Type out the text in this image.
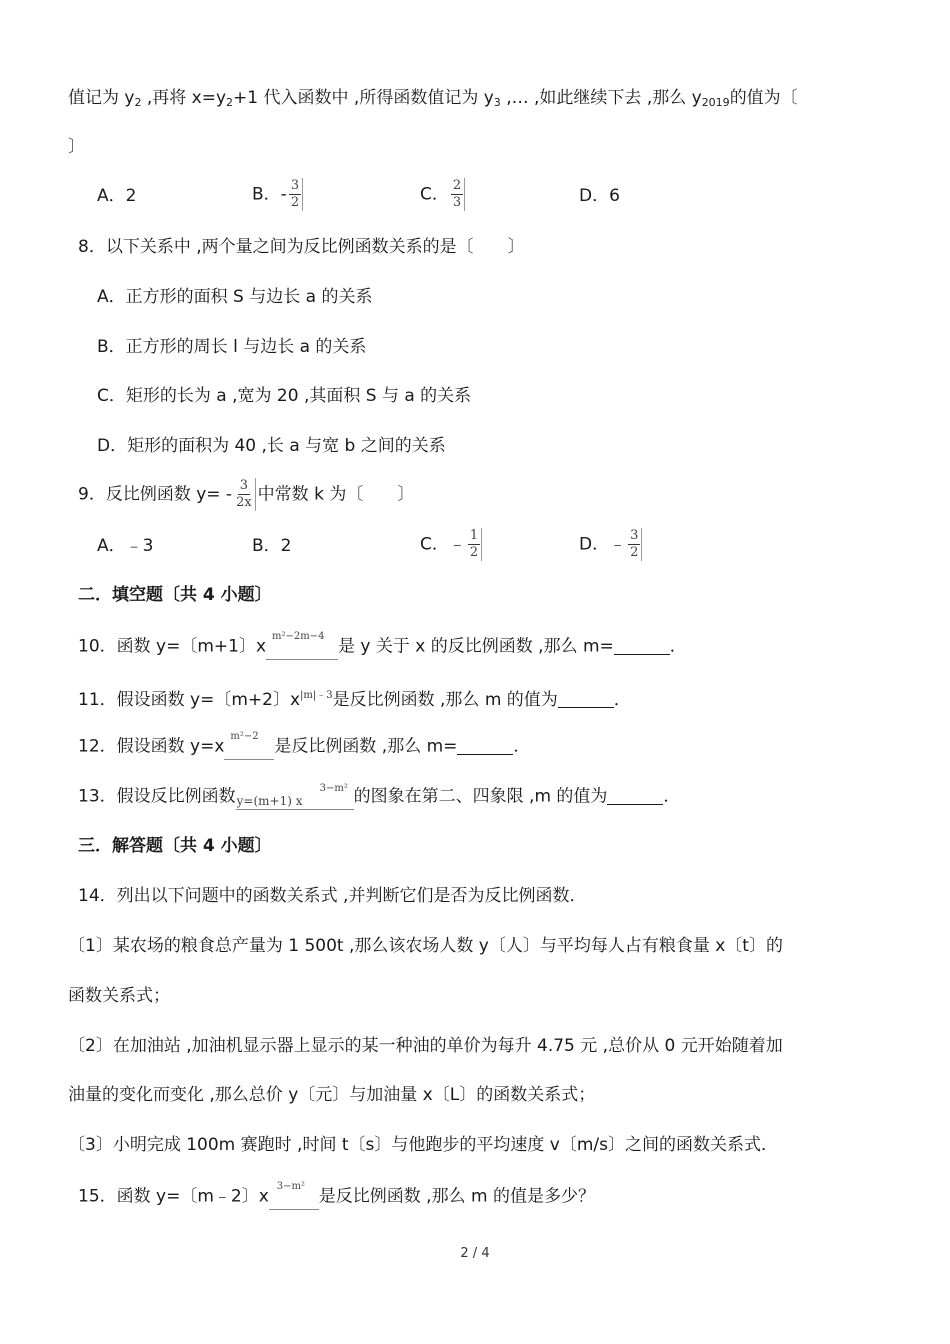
值记为 $y_2$ ,再将 $x=y_2+1$ 代入函数中 ,所得函数值记为 $y_3$ ,… ,如此继续下去 ,那么 $y_{2019}$的值为〔
〕
A．2	B．- $\frac{3}{2}$	C． $\frac{2}{3}$	D．6
8．以下关系中 ,两个量之间为反比例函数关系的是〔　　〕
A．正方形的面积 S 与边长 a 的关系
B．正方形的周长 l 与边长 a 的关系
C．矩形的长为 a ,宽为 20 ,其面积 S 与 a 的关系
D．矩形的面积为 40 ,长 a 与宽 b 之间的关系
9．反比例函数 $y= - \frac{3}{2x}$ 中常数 k 为〔　　〕
A．﹣3	B．2	C．﹣ $\frac{1}{2}$	D．﹣ $\frac{3}{2}$
二．填空题〔共 4 小题〕
10．函数 y=〔m+1〕x m²−2m−4 是 y 关于 x 的反比例函数 ,那么 m=	．
11．假设函数 y=〔m+2〕$x^{|m|﹣3}$是反比例函数 ,那么 m 的值为	．
12．假设函数 y=x m²−2 是反比例函数 ,那么 m=	．
13．假设反比例函数 y=(m+1) x
3−m² 的图象在第二、四象限 ,m 的值为	．
三．解答题〔共 4 小题〕
14．列出以下问题中的函数关系式 ,并判断它们是否为反比例函数．
〔1〕某农场的粮食总产量为 1 500t ,那么该农场人数 y〔人〕与平均每人占有粮食量 x〔t〕的
函数关系式；
〔2〕在加油站 ,加油机显示器上显示的某一种油的单价为每升 4.75 元 ,总价从 0 元开始随着加
油量的变化而变化 ,那么总价 y〔元〕与加油量 x〔L〕的函数关系式；
〔3〕小明完成 100m 赛跑时 ,时间 t〔s〕与他跑步的平均速度 v〔m/s〕之间的函数关系式．
15．函数 y=〔m﹣2〕x 3−m² 是反比例函数 ,那么 m 的值是多少？
2 / 4
